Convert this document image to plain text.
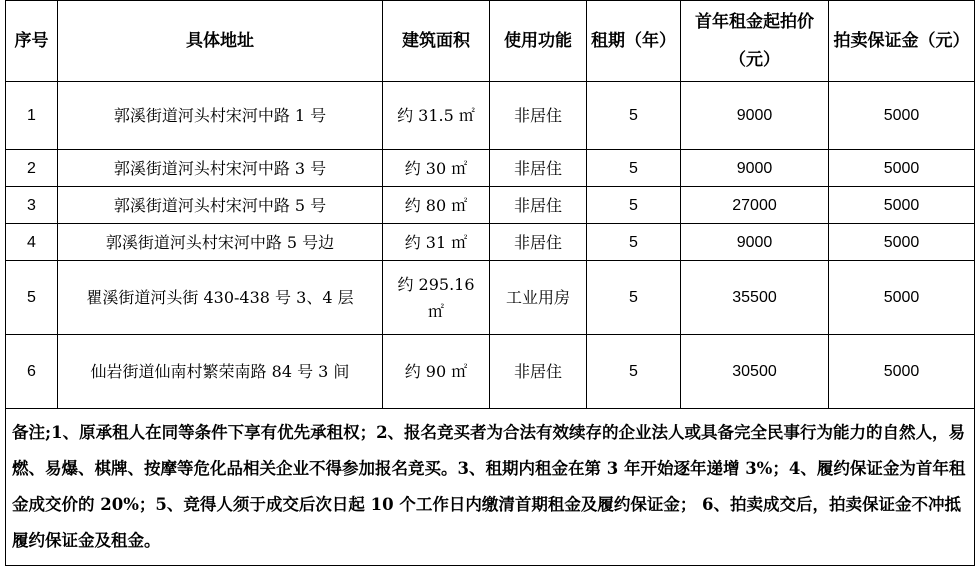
序号	具体地址	建筑面积	使用功能	租期（年）	首年租金起拍价（元）	拍卖保证金（元）
1	郭溪街道河头村宋河中路 1 号	约 31.5 ㎡	非居住	5	9000	5000
2	郭溪街道河头村宋河中路 3 号	约 30 ㎡	非居住	5	9000	5000
3	郭溪街道河头村宋河中路 5 号	约 80 ㎡	非居住	5	27000	5000
4	郭溪街道河头村宋河中路 5 号边	约 31 ㎡	非居住	5	9000	5000
5	瞿溪街道河头街 430-438 号 3、4 层	约 295.16 ㎡	工业用房	5	35500	5000
6	仙岩街道仙南村繁荣南路 84 号 3 间	约 90 ㎡	非居住	5	30500	5000
备注;1、原承租人在同等条件下享有优先承租权；2、报名竞买者为合法有效续存的企业法人或具备完全民事行为能力的自然人，易燃、易爆、棋牌、按摩等危化品相关企业不得参加报名竞买。3、租期内租金在第 3 年开始逐年递增 3%；4、履约保证金为首年租金成交价的 20%；5、竞得人须于成交后次日起 10 个工作日内缴清首期租金及履约保证金； 6、拍卖成交后，拍卖保证金不冲抵履约保证金及租金。						
